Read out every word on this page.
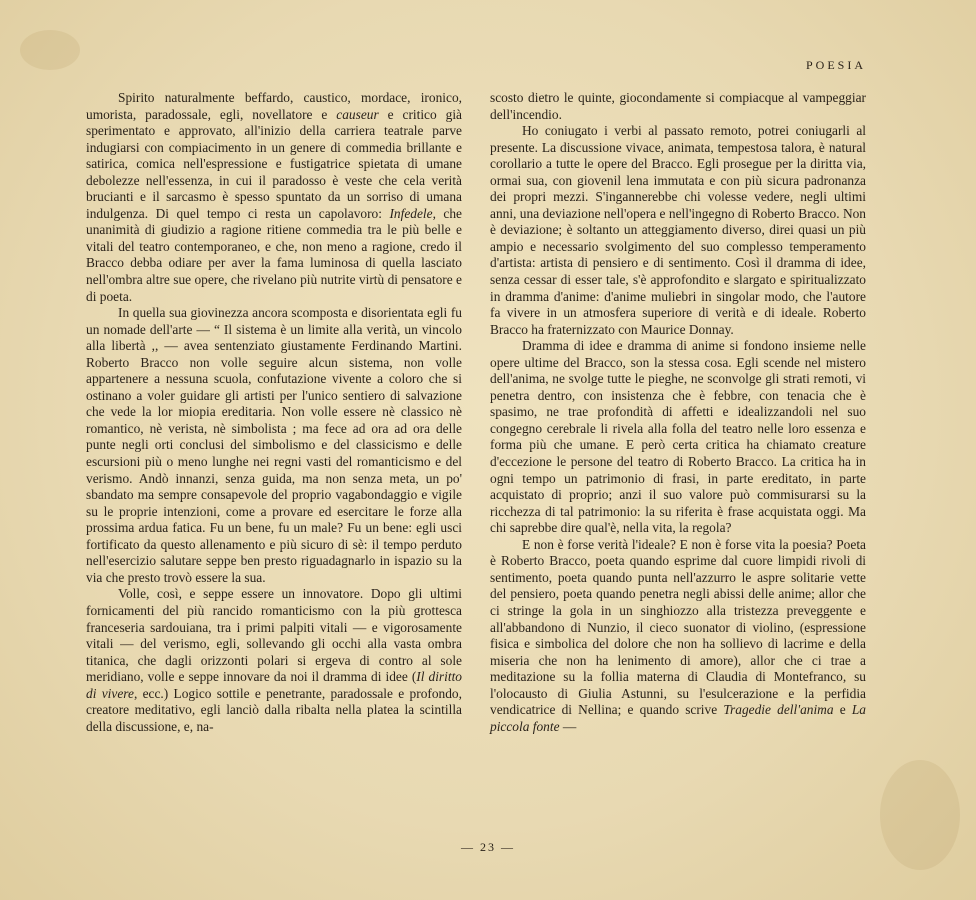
POESIA

Spirito naturalmente beffardo, caustico, mordace, ironico, umorista, paradossale, egli, novellatore e causeur e critico già sperimentato e approvato, all'inizio della carriera teatrale parve indugiarsi con compiacimento in un genere di commedia brillante e satirica, comica nell'espressione e fustigatrice spietata di umane debolezze nell'essenza, in cui il paradosso è veste che cela verità brucianti e il sarcasmo è spesso spuntato da un sorriso di umana indulgenza. Di quel tempo ci resta un capolavoro: Infedele, che unanimità di giudizio a ragione ritiene commedia tra le più belle e vitali del teatro contemporaneo, e che, non meno a ragione, credo il Bracco debba odiare per aver la fama luminosa di quella lasciato nell'ombra altre sue opere, che rivelano più nutrite virtù di pensatore e di poeta.

In quella sua giovinezza ancora scomposta e disorientata egli fu un nomade dell'arte — “ Il sistema è un limite alla verità, un vincolo alla libertà ,, — avea sentenziato giustamente Ferdinando Martini. Roberto Bracco non volle seguire alcun sistema, non volle appartenere a nessuna scuola, confutazione vivente a coloro che si ostinano a voler guidare gli artisti per l'unico sentiero di salvazione che vede la lor miopia ereditaria. Non volle essere nè classico nè romantico, nè verista, nè simbolista ; ma fece ad ora ad ora delle punte negli orti conclusi del simbolismo e del classicismo e delle escursioni più o meno lunghe nei regni vasti del romanticismo e del verismo. Andò innanzi, senza guida, ma non senza meta, un po' sbandato ma sempre consapevole del proprio vagabondaggio e vigile su le proprie intenzioni, come a provare ed esercitare le forze alla prossima ardua fatica. Fu un bene, fu un male? Fu un bene: egli usci fortificato da questo allenamento e più sicuro di sè: il tempo perduto nell'esercizio salutare seppe ben presto riguadagnarlo in ispazio su la via che presto trovò essere la sua.

Volle, così, e seppe essere un innovatore. Dopo gli ultimi fornicamenti del più rancido romanticismo con la più grottesca franceseria sardouiana, tra i primi palpiti vitali — e vigorosamente vitali — del verismo, egli, sollevando gli occhi alla vasta ombra titanica, che dagli orizzonti polari si ergeva di contro al sole meridiano, volle e seppe innovare da noi il dramma di idee (Il diritto di vivere, ecc.) Logico sottile e penetrante, paradossale e profondo, creatore meditativo, egli lanciò dalla ribalta nella platea la scintilla della discussione, e, na-

scosto dietro le quinte, giocondamente si compiacque al vampeggiar dell'incendio.

Ho coniugato i verbi al passato remoto, potrei coniugarli al presente. La discussione vivace, animata, tempestosa talora, è natural corollario a tutte le opere del Bracco. Egli prosegue per la diritta via, ormai sua, con giovenil lena immutata e con più sicura padronanza dei propri mezzi. S'ingannerebbe chi volesse vedere, negli ultimi anni, una deviazione nell'opera e nell'ingegno di Roberto Bracco. Non è deviazione; è soltanto un atteggiamento diverso, direi quasi un più ampio e necessario svolgimento del suo complesso temperamento d'artista: artista di pensiero e di sentimento. Così il dramma di idee, senza cessar di esser tale, s'è approfondito e slargato e spiritualizzato in dramma d'anime: d'anime muliebri in singolar modo, che l'autore fa vivere in un atmosfera superiore di verità e di ideale. Roberto Bracco ha fraternizzato con Maurice Donnay.

Dramma di idee e dramma di anime si fondono insieme nelle opere ultime del Bracco, son la stessa cosa. Egli scende nel mistero dell'anima, ne svolge tutte le pieghe, ne sconvolge gli strati remoti, vi penetra dentro, con insistenza che è febbre, con tenacia che è spasimo, ne trae profondità di affetti e idealizzandoli nel suo congegno cerebrale li rivela alla folla del teatro nelle loro essenza e forma più che umane. E però certa critica ha chiamato creature d'eccezione le persone del teatro di Roberto Bracco. La critica ha in ogni tempo un patrimonio di frasi, in parte ereditato, in parte acquistato di proprio; anzi il suo valore può commisurarsi su la ricchezza di tal patrimonio: la su riferita è frase acquistata oggi. Ma chi saprebbe dire qual'è, nella vita, la regola?

E non è forse verità l'ideale? E non è forse vita la poesia? Poeta è Roberto Bracco, poeta quando esprime dal cuore limpidi rivoli di sentimento, poeta quando punta nell'azzurro le aspre solitarie vette del pensiero, poeta quando penetra negli abissi delle anime; allor che ci stringe la gola in un singhiozzo alla tristezza preveggente e all'abbandono di Nunzio, il cieco suonator di violino, (espressione fisica e simbolica del dolore che non ha sollievo di lacrime e della miseria che non ha lenimento di amore), allor che ci trae a meditazione su la follia materna di Claudia di Montefranco, su l'olocausto di Giulia Astunni, su l'esulcerazione e la perfidia vendicatrice di Nellina; e quando scrive Tragedie dell'anima e La piccola fonte —

— 23 —
